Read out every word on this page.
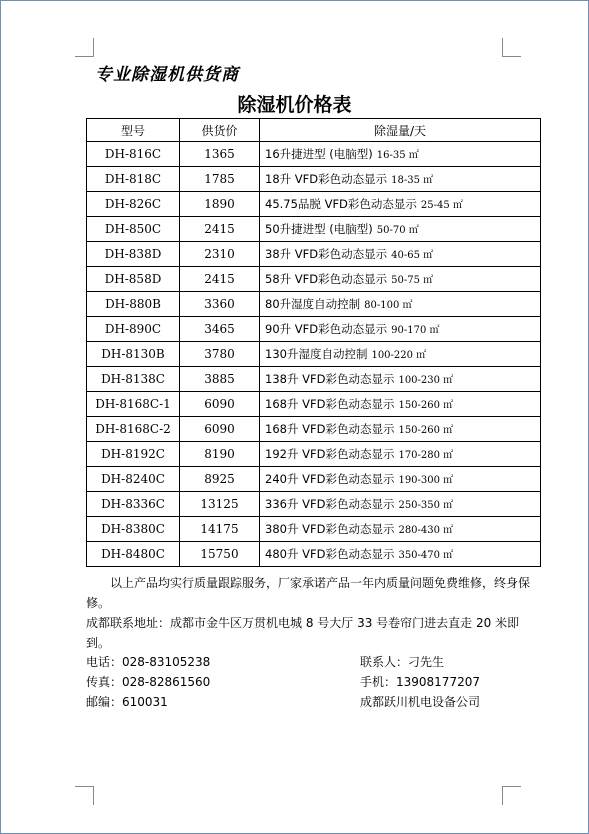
专业除湿机供货商
除湿机价格表
型号	供货价	除湿量/天
DH-816C	1365	16升捷进型 (电脑型) 16-35 ㎡
DH-818C	1785	18升 VFD彩色动态显示 18-35 ㎡
DH-826C	1890	45.75品脱 VFD彩色动态显示 25-45 ㎡
DH-850C	2415	50升捷进型 (电脑型) 50-70 ㎡
DH-838D	2310	38升 VFD彩色动态显示 40-65 ㎡
DH-858D	2415	58升 VFD彩色动态显示 50-75 ㎡
DH-880B	3360	80升湿度自动控制 80-100 ㎡
DH-890C	3465	90升 VFD彩色动态显示 90-170 ㎡
DH-8130B	3780	130升湿度自动控制 100-220 ㎡
DH-8138C	3885	138升 VFD彩色动态显示 100-230 ㎡
DH-8168C-1	6090	168升 VFD彩色动态显示 150-260 ㎡
DH-8168C-2	6090	168升 VFD彩色动态显示 150-260 ㎡
DH-8192C	8190	192升 VFD彩色动态显示 170-280 ㎡
DH-8240C	8925	240升 VFD彩色动态显示 190-300 ㎡
DH-8336C	13125	336升 VFD彩色动态显示 250-350 ㎡
DH-8380C	14175	380升 VFD彩色动态显示 280-430 ㎡
DH-8480C	15750	480升 VFD彩色动态显示 350-470 ㎡
以上产品均实行质量跟踪服务，厂家承诺产品一年内质量问题免费维修，终身保修。
成都联系地址：成都市金牛区万贯机电城 8 号大厅 33 号卷帘门进去直走 20 米即到。
电话：028-83105238
传真：028-82861560
邮编：610031
联系人：刁先生
手机：13908177207
成都跃川机电设备公司
